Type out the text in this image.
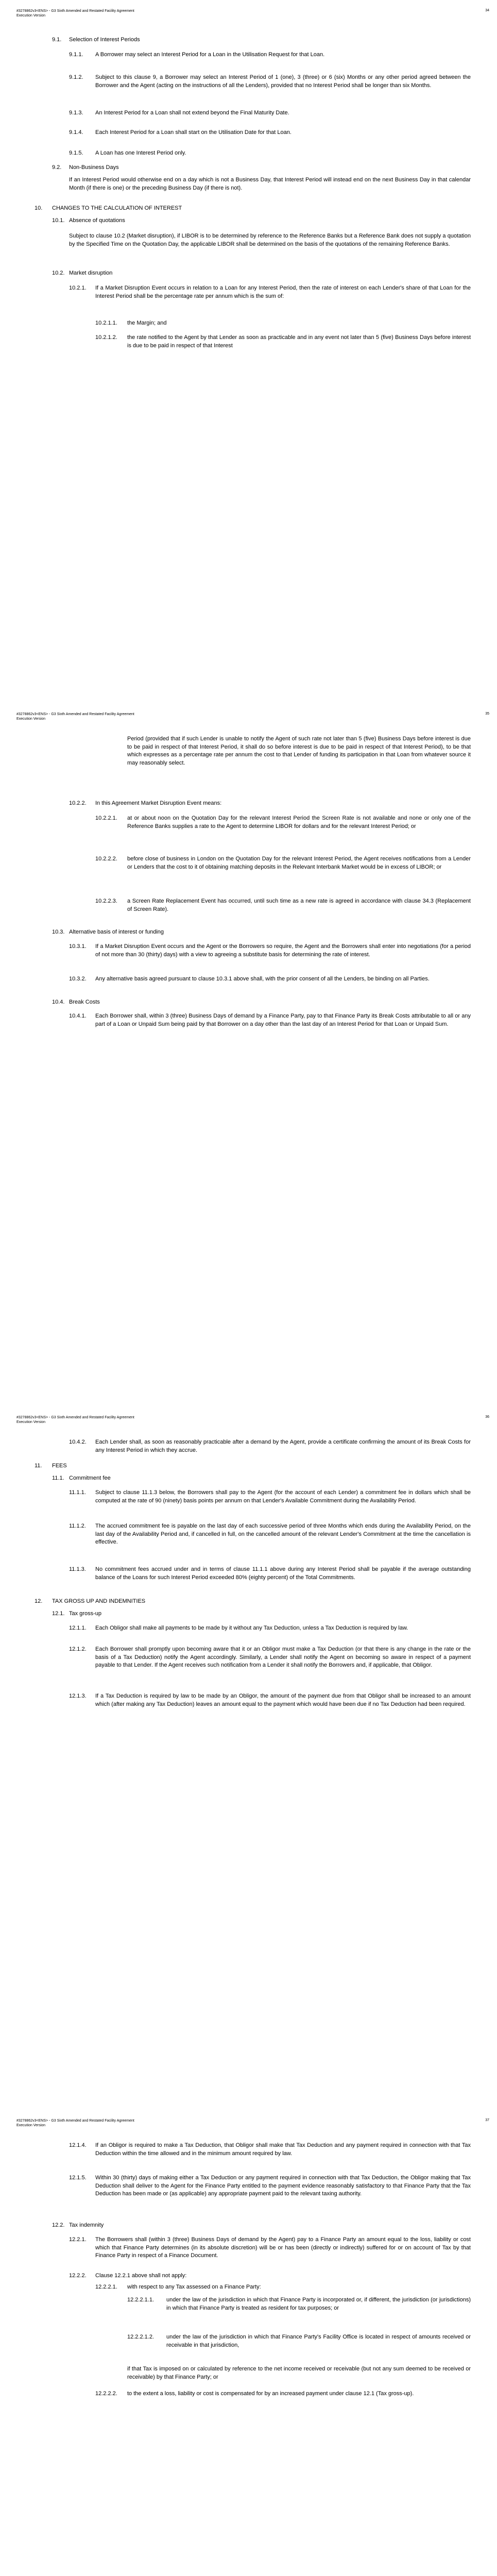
#3278862v3<ENS> - G3 Sixth Amended and Restated Facility Agreement
Execution Version
34
9.1. Selection of Interest Periods
9.1.1. A Borrower may select an Interest Period for a Loan in the Utilisation Request for that Loan.
9.1.2. Subject to this clause 9, a Borrower may select an Interest Period of 1 (one), 3 (three) or 6 (six) Months or any other period agreed between the Borrower and the Agent (acting on the instructions of all the Lenders), provided that no Interest Period shall be longer than six Months.
9.1.3. An Interest Period for a Loan shall not extend beyond the Final Maturity Date.
9.1.4. Each Interest Period for a Loan shall start on the Utilisation Date for that Loan.
9.1.5. A Loan has one Interest Period only.
9.2. Non-Business Days
If an Interest Period would otherwise end on a day which is not a Business Day, that Interest Period will instead end on the next Business Day in that calendar Month (if there is one) or the preceding Business Day (if there is not).
10. CHANGES TO THE CALCULATION OF INTEREST
10.1. Absence of quotations
Subject to clause 10.2 (Market disruption), if LIBOR is to be determined by reference to the Reference Banks but a Reference Bank does not supply a quotation by the Specified Time on the Quotation Day, the applicable LIBOR shall be determined on the basis of the quotations of the remaining Reference Banks.
10.2. Market disruption
10.2.1. If a Market Disruption Event occurs in relation to a Loan for any Interest Period, then the rate of interest on each Lender's share of that Loan for the Interest Period shall be the percentage rate per annum which is the sum of:
10.2.1.1. the Margin; and
10.2.1.2. the rate notified to the Agent by that Lender as soon as practicable and in any event not later than 5 (five) Business Days before interest is due to be paid in respect of that Interest
#3278862v3<ENS> - G3 Sixth Amended and Restated Facility Agreement
Execution Version
35
Period (provided that if such Lender is unable to notify the Agent of such rate not later than 5 (five) Business Days before interest is due to be paid in respect of that Interest Period, it shall do so before interest is due to be paid in respect of that Interest Period), to be that which expresses as a percentage rate per annum the cost to that Lender of funding its participation in that Loan from whatever source it may reasonably select.
10.2.2. In this Agreement Market Disruption Event means:
10.2.2.1. at or about noon on the Quotation Day for the relevant Interest Period the Screen Rate is not available and none or only one of the Reference Banks supplies a rate to the Agent to determine LIBOR for dollars and for the relevant Interest Period; or
10.2.2.2. before close of business in London on the Quotation Day for the relevant Interest Period, the Agent receives notifications from a Lender or Lenders that the cost to it of obtaining matching deposits in the Relevant Interbank Market would be in excess of LIBOR; or
10.2.2.3. a Screen Rate Replacement Event has occurred, until such time as a new rate is agreed in accordance with clause 34.3 (Replacement of Screen Rate).
10.3. Alternative basis of interest or funding
10.3.1. If a Market Disruption Event occurs and the Agent or the Borrowers so require, the Agent and the Borrowers shall enter into negotiations (for a period of not more than 30 (thirty) days) with a view to agreeing a substitute basis for determining the rate of interest.
10.3.2. Any alternative basis agreed pursuant to clause 10.3.1 above shall, with the prior consent of all the Lenders, be binding on all Parties.
10.4. Break Costs
10.4.1. Each Borrower shall, within 3 (three) Business Days of demand by a Finance Party, pay to that Finance Party its Break Costs attributable to all or any part of a Loan or Unpaid Sum being paid by that Borrower on a day other than the last day of an Interest Period for that Loan or Unpaid Sum.
#3278862v3<ENS> - G3 Sixth Amended and Restated Facility Agreement
Execution Version
36
10.4.2. Each Lender shall, as soon as reasonably practicable after a demand by the Agent, provide a certificate confirming the amount of its Break Costs for any Interest Period in which they accrue.
11. FEES
11.1. Commitment fee
11.1.1. Subject to clause 11.1.3 below, the Borrowers shall pay to the Agent (for the account of each Lender) a commitment fee in dollars which shall be computed at the rate of 90 (ninety) basis points per annum on that Lender's Available Commitment during the Availability Period.
11.1.2. The accrued commitment fee is payable on the last day of each successive period of three Months which ends during the Availability Period, on the last day of the Availability Period and, if cancelled in full, on the cancelled amount of the relevant Lender's Commitment at the time the cancellation is effective.
11.1.3. No commitment fees accrued under and in terms of clause 11.1.1 above during any Interest Period shall be payable if the average outstanding balance of the Loans for such Interest Period exceeded 80% (eighty percent) of the Total Commitments.
12. TAX GROSS UP AND INDEMNITIES
12.1. Tax gross-up
12.1.1. Each Obligor shall make all payments to be made by it without any Tax Deduction, unless a Tax Deduction is required by law.
12.1.2. Each Borrower shall promptly upon becoming aware that it or an Obligor must make a Tax Deduction (or that there is any change in the rate or the basis of a Tax Deduction) notify the Agent accordingly. Similarly, a Lender shall notify the Agent on becoming so aware in respect of a payment payable to that Lender. If the Agent receives such notification from a Lender it shall notify the Borrowers and, if applicable, that Obligor.
12.1.3. If a Tax Deduction is required by law to be made by an Obligor, the amount of the payment due from that Obligor shall be increased to an amount which (after making any Tax Deduction) leaves an amount equal to the payment which would have been due if no Tax Deduction had been required.
#3278862v3<ENS> - G3 Sixth Amended and Restated Facility Agreement
Execution Version
37
12.1.4. If an Obligor is required to make a Tax Deduction, that Obligor shall make that Tax Deduction and any payment required in connection with that Tax Deduction within the time allowed and in the minimum amount required by law.
12.1.5. Within 30 (thirty) days of making either a Tax Deduction or any payment required in connection with that Tax Deduction, the Obligor making that Tax Deduction shall deliver to the Agent for the Finance Party entitled to the payment evidence reasonably satisfactory to that Finance Party that the Tax Deduction has been made or (as applicable) any appropriate payment paid to the relevant taxing authority.
12.2. Tax indemnity
12.2.1. The Borrowers shall (within 3 (three) Business Days of demand by the Agent) pay to a Finance Party an amount equal to the loss, liability or cost which that Finance Party determines (in its absolute discretion) will be or has been (directly or indirectly) suffered for or on account of Tax by that Finance Party in respect of a Finance Document.
12.2.2. Clause 12.2.1 above shall not apply:
12.2.2.1. with respect to any Tax assessed on a Finance Party:
12.2.2.1.1. under the law of the jurisdiction in which that Finance Party is incorporated or, if different, the jurisdiction (or jurisdictions) in which that Finance Party is treated as resident for tax purposes; or
12.2.2.1.2. under the law of the jurisdiction in which that Finance Party's Facility Office is located in respect of amounts received or receivable in that jurisdiction,
if that Tax is imposed on or calculated by reference to the net income received or receivable (but not any sum deemed to be received or receivable) by that Finance Party; or
12.2.2.2. to the extent a loss, liability or cost is compensated for by an increased payment under clause 12.1 (Tax gross-up).
